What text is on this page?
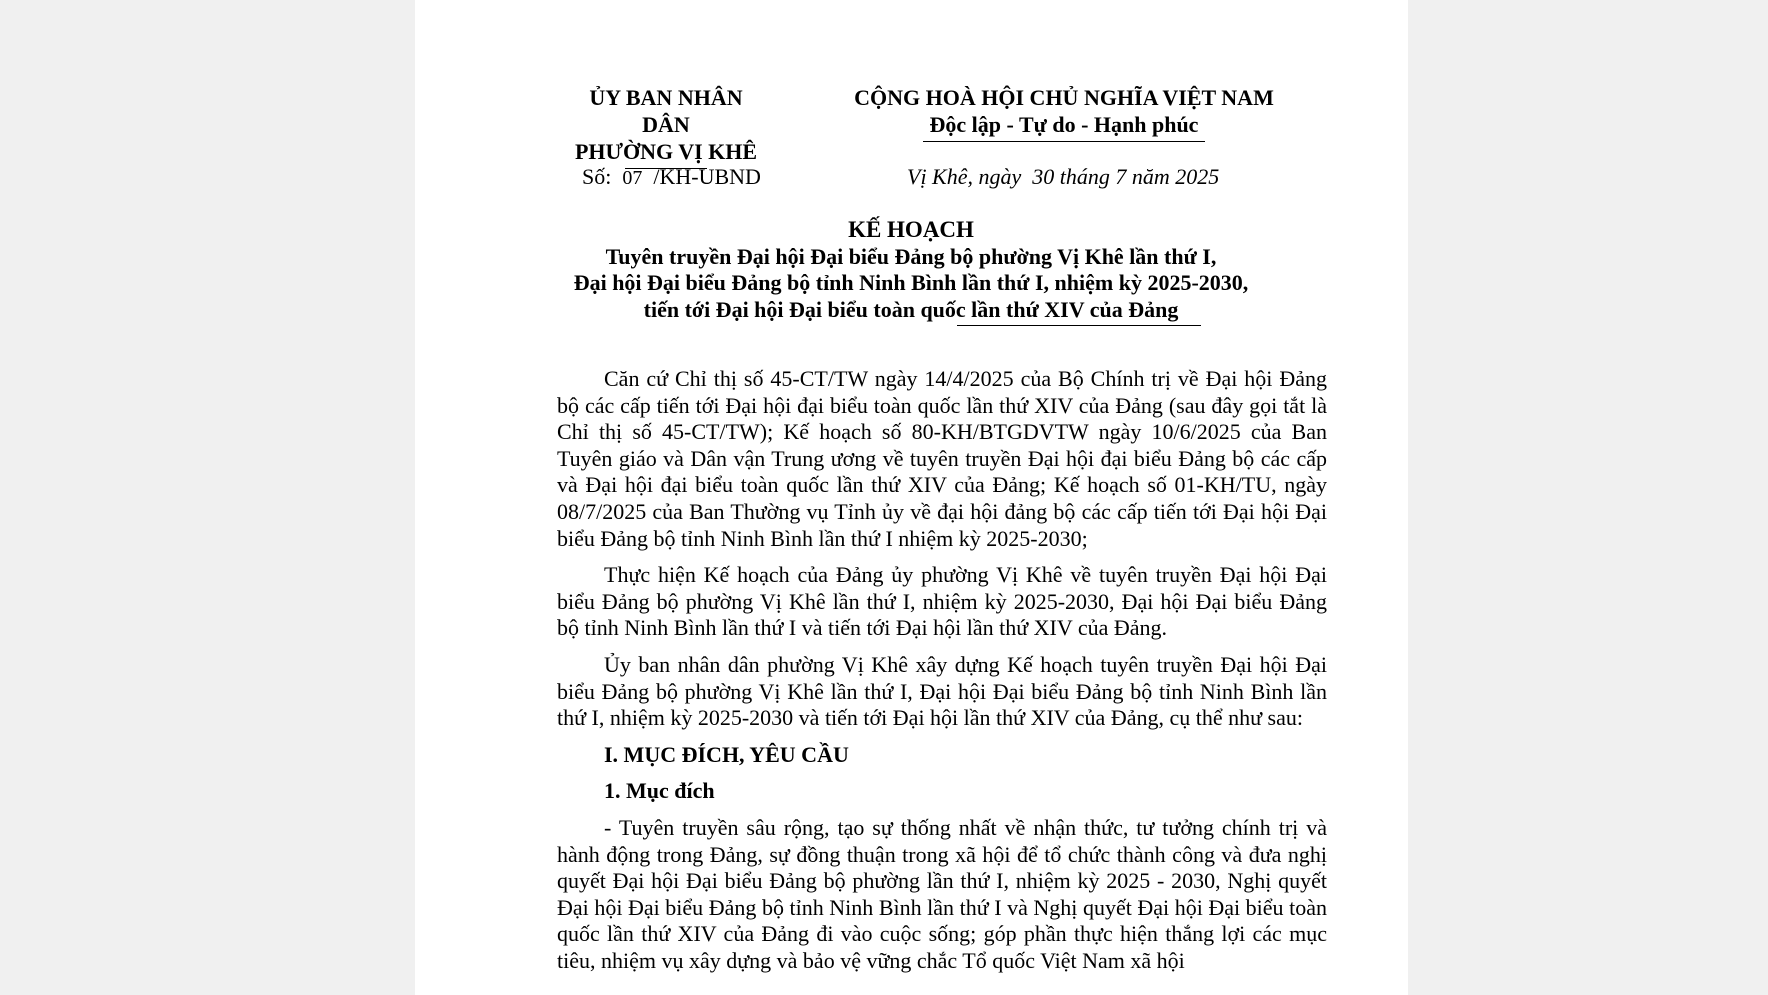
ỦY BAN NHÂN DÂN
PHƯỜNG VỊ KHÊ
CỘNG HOÀ HỘI CHỦ NGHĨA VIỆT NAM
Độc lập - Tự do - Hạnh phúc
Số: 07 /KH-UBND	Vị Khê, ngày  30 tháng 7 năm 2025
KẾ HOẠCH
Tuyên truyền Đại hội Đại biểu Đảng bộ phường Vị Khê lần thứ I,
Đại hội Đại biểu Đảng bộ tỉnh Ninh Bình lần thứ I, nhiệm kỳ 2025-2030,
tiến tới Đại hội Đại biểu toàn quốc lần thứ XIV của Đảng

Căn cứ Chỉ thị số 45-CT/TW ngày 14/4/2025 của Bộ Chính trị về Đại hội Đảng bộ các cấp tiến tới Đại hội đại biểu toàn quốc lần thứ XIV của Đảng (sau đây gọi tắt là Chỉ thị số 45-CT/TW); Kế hoạch số 80-KH/BTGDVTW ngày 10/6/2025 của Ban Tuyên giáo và Dân vận Trung ương về tuyên truyền Đại hội đại biểu Đảng bộ các cấp và Đại hội đại biểu toàn quốc lần thứ XIV của Đảng; Kế hoạch số 01-KH/TU, ngày 08/7/2025 của Ban Thường vụ Tỉnh ủy về đại hội đảng bộ các cấp tiến tới Đại hội Đại biểu Đảng bộ tỉnh Ninh Bình lần thứ I nhiệm kỳ 2025-2030;

Thực hiện Kế hoạch của Đảng ủy phường Vị Khê về tuyên truyền Đại hội Đại biểu Đảng bộ phường Vị Khê lần thứ I, nhiệm kỳ 2025-2030, Đại hội Đại biểu Đảng bộ tỉnh Ninh Bình lần thứ I và tiến tới Đại hội lần thứ XIV của Đảng.

Ủy ban nhân dân phường Vị Khê xây dựng Kế hoạch tuyên truyền Đại hội Đại biểu Đảng bộ phường Vị Khê lần thứ I, Đại hội Đại biểu Đảng bộ tỉnh Ninh Bình lần thứ I, nhiệm kỳ 2025-2030 và tiến tới Đại hội lần thứ XIV của Đảng, cụ thể như sau:

I. MỤC ĐÍCH, YÊU CẦU
1. Mục đích

- Tuyên truyền sâu rộng, tạo sự thống nhất về nhận thức, tư tưởng chính trị và hành động trong Đảng, sự đồng thuận trong xã hội để tổ chức thành công và đưa nghị quyết Đại hội Đại biểu Đảng bộ phường lần thứ I, nhiệm kỳ 2025 - 2030, Nghị quyết Đại hội Đại biểu Đảng bộ tỉnh Ninh Bình lần thứ I và Nghị quyết Đại hội Đại biểu toàn quốc lần thứ XIV của Đảng đi vào cuộc sống; góp phần thực hiện thắng lợi các mục tiêu, nhiệm vụ xây dựng và bảo vệ vững chắc Tổ quốc Việt Nam xã hội
